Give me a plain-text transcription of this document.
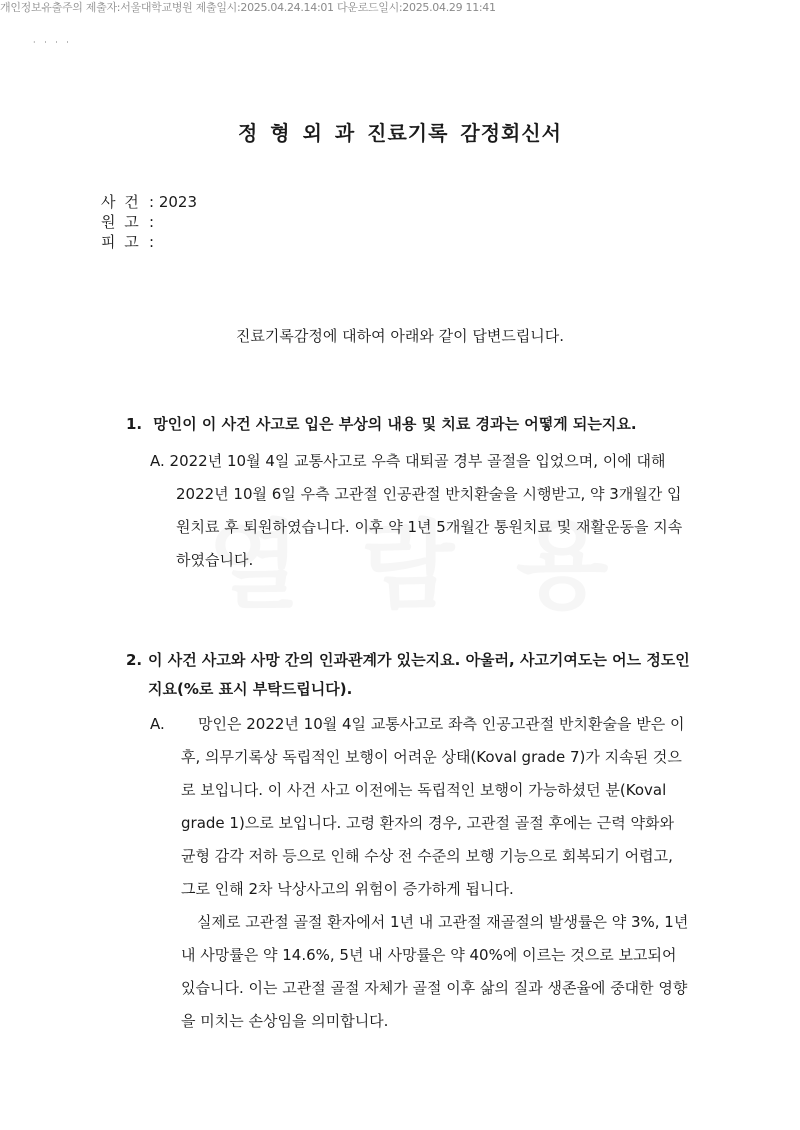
개인정보유출주의 제출자:서울대학교병원 제출일시:2025.04.24.14:01 다운로드일시:2025.04.29 11:41
· · · ·
정 형 외 과 진료기록 감정회신서
사 건 : 2023
원 고 :
피 고 :
진료기록감정에 대하여 아래와 같이 답변드립니다.
1. 망인이 이 사건 사고로 입은 부상의 내용 및 치료 경과는 어떻게 되는지요.
A. 2022년 10월 4일 교통사고로 우측 대퇴골 경부 골절을 입었으며, 이에 대해
2022년 10월 6일 우측 고관절 인공관절 반치환술을 시행받고, 약 3개월간 입
원치료 후 퇴원하였습니다. 이후 약 1년 5개월간 통원치료 및 재활운동을 지속
하였습니다.
2. 이 사건 사고와 사망 간의 인과관계가 있는지요. 아울러, 사고기여도는 어느 정도인
지요(%로 표시 부탁드립니다).
A. 망인은 2022년 10월 4일 교통사고로 좌측 인공고관절 반치환술을 받은 이
후, 의무기록상 독립적인 보행이 어려운 상태(Koval grade 7)가 지속된 것으
로 보입니다. 이 사건 사고 이전에는 독립적인 보행이 가능하셨던 분(Koval
grade 1)으로 보입니다. 고령 환자의 경우, 고관절 골절 후에는 근력 약화와
균형 감각 저하 등으로 인해 수상 전 수준의 보행 기능으로 회복되기 어렵고,
그로 인해 2차 낙상사고의 위험이 증가하게 됩니다.
실제로 고관절 골절 환자에서 1년 내 고관절 재골절의 발생률은 약 3%, 1년
내 사망률은 약 14.6%, 5년 내 사망률은 약 40%에 이르는 것으로 보고되어
있습니다. 이는 고관절 골절 자체가 골절 이후 삶의 질과 생존율에 중대한 영향
을 미치는 손상임을 의미합니다.
